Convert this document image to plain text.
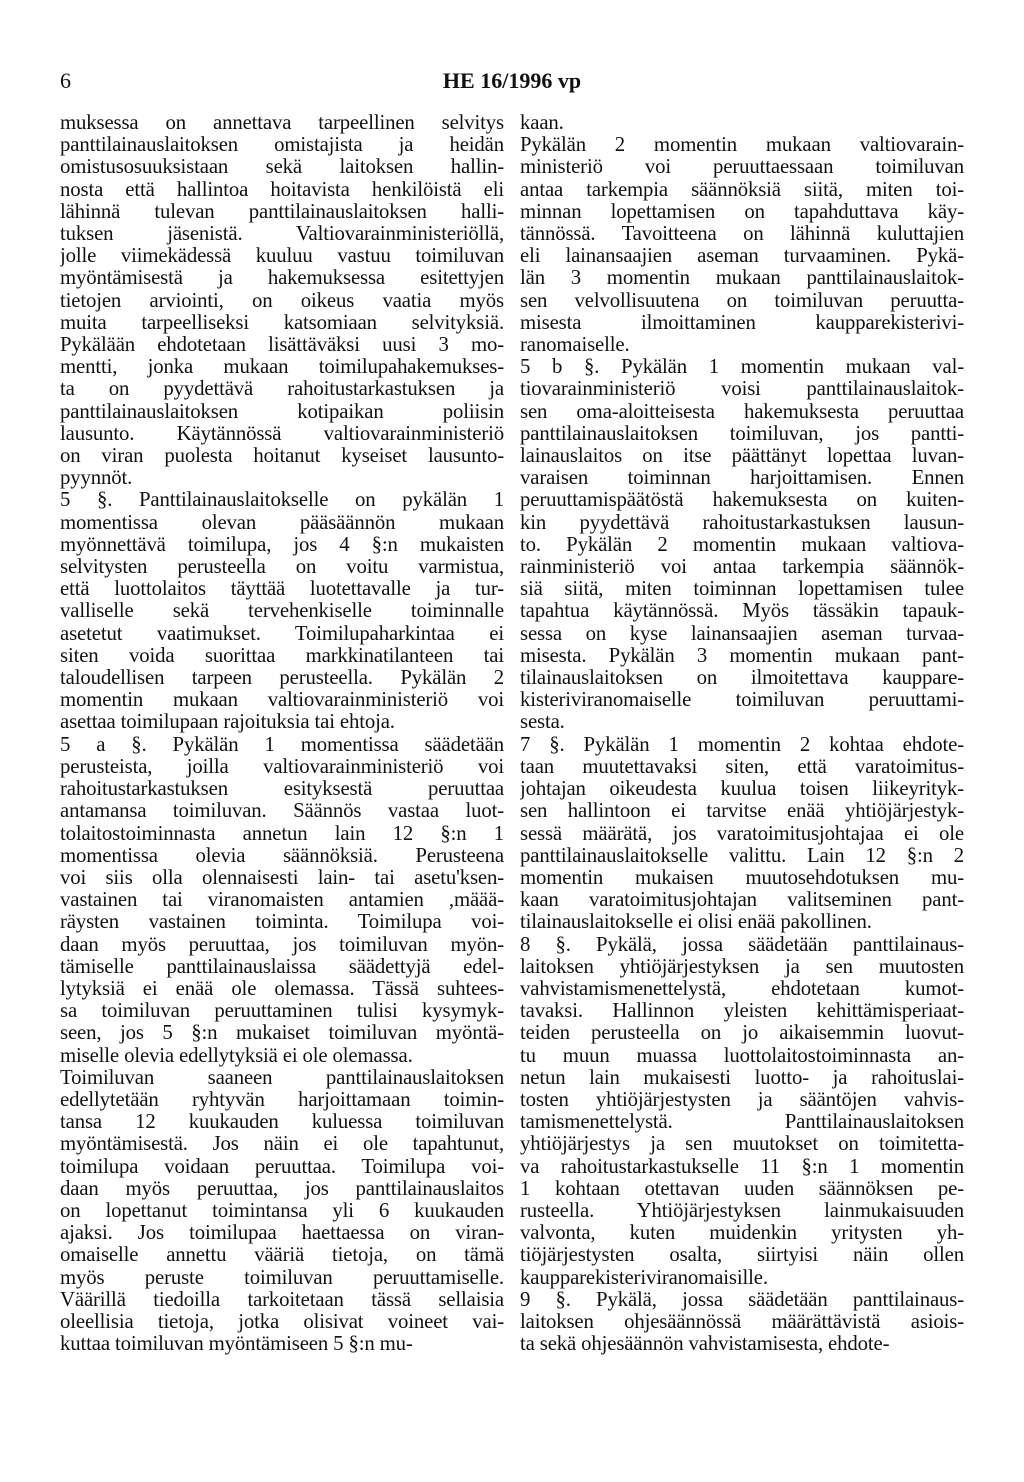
6	HE 16/1996 vp
muksessa on annettava tarpeellinen selvitys
panttilainauslaitoksen omistajista ja heidän
omistusosuuksistaan sekä laitoksen hallin-
nosta että hallintoa hoitavista henkilöistä eli
lähinnä tulevan panttilainauslaitoksen halli-
tuksen jäsenistä. Valtiovarainministeriöllä,
jolle viimekädessä kuuluu vastuu toimiluvan
myöntämisestä ja hakemuksessa esitettyjen
tietojen arviointi, on oikeus vaatia myös
muita tarpeelliseksi katsomiaan selvityksiä.
Pykälään ehdotetaan lisättäväksi uusi 3 mo-
mentti, jonka mukaan toimilupahakemukses-
ta on pyydettävä rahoitustarkastuksen ja
panttilainauslaitoksen kotipaikan poliisin
lausunto. Käytännössä valtiovarainministeriö
on viran puolesta hoitanut kyseiset lausunto-
pyynnöt.
5 §. Panttilainauslaitokselle on pykälän 1
momentissa olevan pääsäännön mukaan
myönnettävä toimilupa, jos 4 §:n mukaisten
selvitysten perusteella on voitu varmistua,
että luottolaitos täyttää luotettavalle ja tur-
valliselle sekä tervehenkiselle toiminnalle
asetetut vaatimukset. Toimilupaharkintaa ei
siten voida suorittaa markkinatilanteen tai
taloudellisen tarpeen perusteella. Pykälän 2
momentin mukaan valtiovarainministeriö voi
asettaa toimilupaan rajoituksia tai ehtoja.
5 a §. Pykälän 1 momentissa säädetään
perusteista, joilla valtiovarainministeriö voi
rahoitustarkastuksen esityksestä peruuttaa
antamansa toimiluvan. Säännös vastaa luot-
tolaitostoiminnasta annetun lain 12 §:n 1
momentissa olevia säännöksiä. Perusteena
voi siis olla olennaisesti lain- tai asetu'ksen-
vastainen tai viranomaisten antamien ,määä-
räysten vastainen toiminta. Toimilupa voi-
daan myös peruuttaa, jos toimiluvan myön-
tämiselle panttilainauslaissa säädettyjä edel-
lytyksiä ei enää ole olemassa. Tässä suhtees-
sa toimiluvan peruuttaminen tulisi kysymyk-
seen, jos 5 §:n mukaiset toimiluvan myöntä-
miselle olevia edellytyksiä ei ole olemassa.
Toimiluvan saaneen panttilainauslaitoksen
edellytetään ryhtyvän harjoittamaan toimin-
tansa 12 kuukauden kuluessa toimiluvan
myöntämisestä. Jos näin ei ole tapahtunut,
toimilupa voidaan peruuttaa. Toimilupa voi-
daan myös peruuttaa, jos panttilainauslaitos
on lopettanut toimintansa yli 6 kuukauden
ajaksi. Jos toimilupaa haettaessa on viran-
omaiselle annettu vääriä tietoja, on tämä
myös peruste toimiluvan peruuttamiselle.
Väärillä tiedoilla tarkoitetaan tässä sellaisia
oleellisia tietoja, jotka olisivat voineet vai-
kuttaa toimiluvan myöntämiseen 5 §:n mu-
kaan.
Pykälän 2 momentin mukaan valtiovarain-
ministeriö voi peruuttaessaan toimiluvan
antaa tarkempia säännöksiä siitä, miten toi-
minnan lopettamisen on tapahduttava käy-
tännössä. Tavoitteena on lähinnä kuluttajien
eli lainansaajien aseman turvaaminen. Pykä-
län 3 momentin mukaan panttilainauslaitok-
sen velvollisuutena on toimiluvan peruutta-
misesta ilmoittaminen kaupparekisterivi-
ranomaiselle.
5 b §. Pykälän 1 momentin mukaan val-
tiovarainministeriö voisi panttilainauslaitok-
sen oma-aloitteisesta hakemuksesta peruuttaa
panttilainauslaitoksen toimiluvan, jos pantti-
lainauslaitos on itse päättänyt lopettaa luvan-
varaisen toiminnan harjoittamisen. Ennen
peruuttamispäätöstä hakemuksesta on kuiten-
kin pyydettävä rahoitustarkastuksen lausun-
to. Pykälän 2 momentin mukaan valtiova-
rainministeriö voi antaa tarkempia säännök-
siä siitä, miten toiminnan lopettamisen tulee
tapahtua käytännössä. Myös tässäkin tapauk-
sessa on kyse lainansaajien aseman turvaa-
misesta. Pykälän 3 momentin mukaan pant-
tilainauslaitoksen on ilmoitettava kauppare-
kisteriviranomaiselle toimiluvan peruuttami-
sesta.
7 §. Pykälän 1 momentin 2 kohtaa ehdote-
taan muutettavaksi siten, että varatoimitus-
johtajan oikeudesta kuulua toisen liikeyrityk-
sen hallintoon ei tarvitse enää yhtiöjärjestyk-
sessä määrätä, jos varatoimitusjohtajaa ei ole
panttilainauslaitokselle valittu. Lain 12 §:n 2
momentin mukaisen muutosehdotuksen mu-
kaan varatoimitusjohtajan valitseminen pant-
tilainauslaitokselle ei olisi enää pakollinen.
8 §. Pykälä, jossa säädetään panttilainaus-
laitoksen yhtiöjärjestyksen ja sen muutosten
vahvistamismenettelystä, ehdotetaan kumot-
tavaksi. Hallinnon yleisten kehittämisperiaat-
teiden perusteella on jo aikaisemmin luovut-
tu muun muassa luottolaitostoiminnasta an-
netun lain mukaisesti luotto- ja rahoituslai-
tosten yhtiöjärjestysten ja sääntöjen vahvis-
tamismenettelystä. Panttilainauslaitoksen
yhtiöjärjestys ja sen muutokset on toimitetta-
va rahoitustarkastukselle 11 §:n 1 momentin
1 kohtaan otettavan uuden säännöksen pe-
rusteella. Yhtiöjärjestyksen lainmukaisuuden
valvonta, kuten muidenkin yritysten yh-
tiöjärjestysten osalta, siirtyisi näin ollen
kaupparekisteriviranomaisille.
9 §. Pykälä, jossa säädetään panttilainaus-
laitoksen ohjesäännössä määrättävistä asiois-
ta sekä ohjesäännön vahvistamisesta, ehdote-
